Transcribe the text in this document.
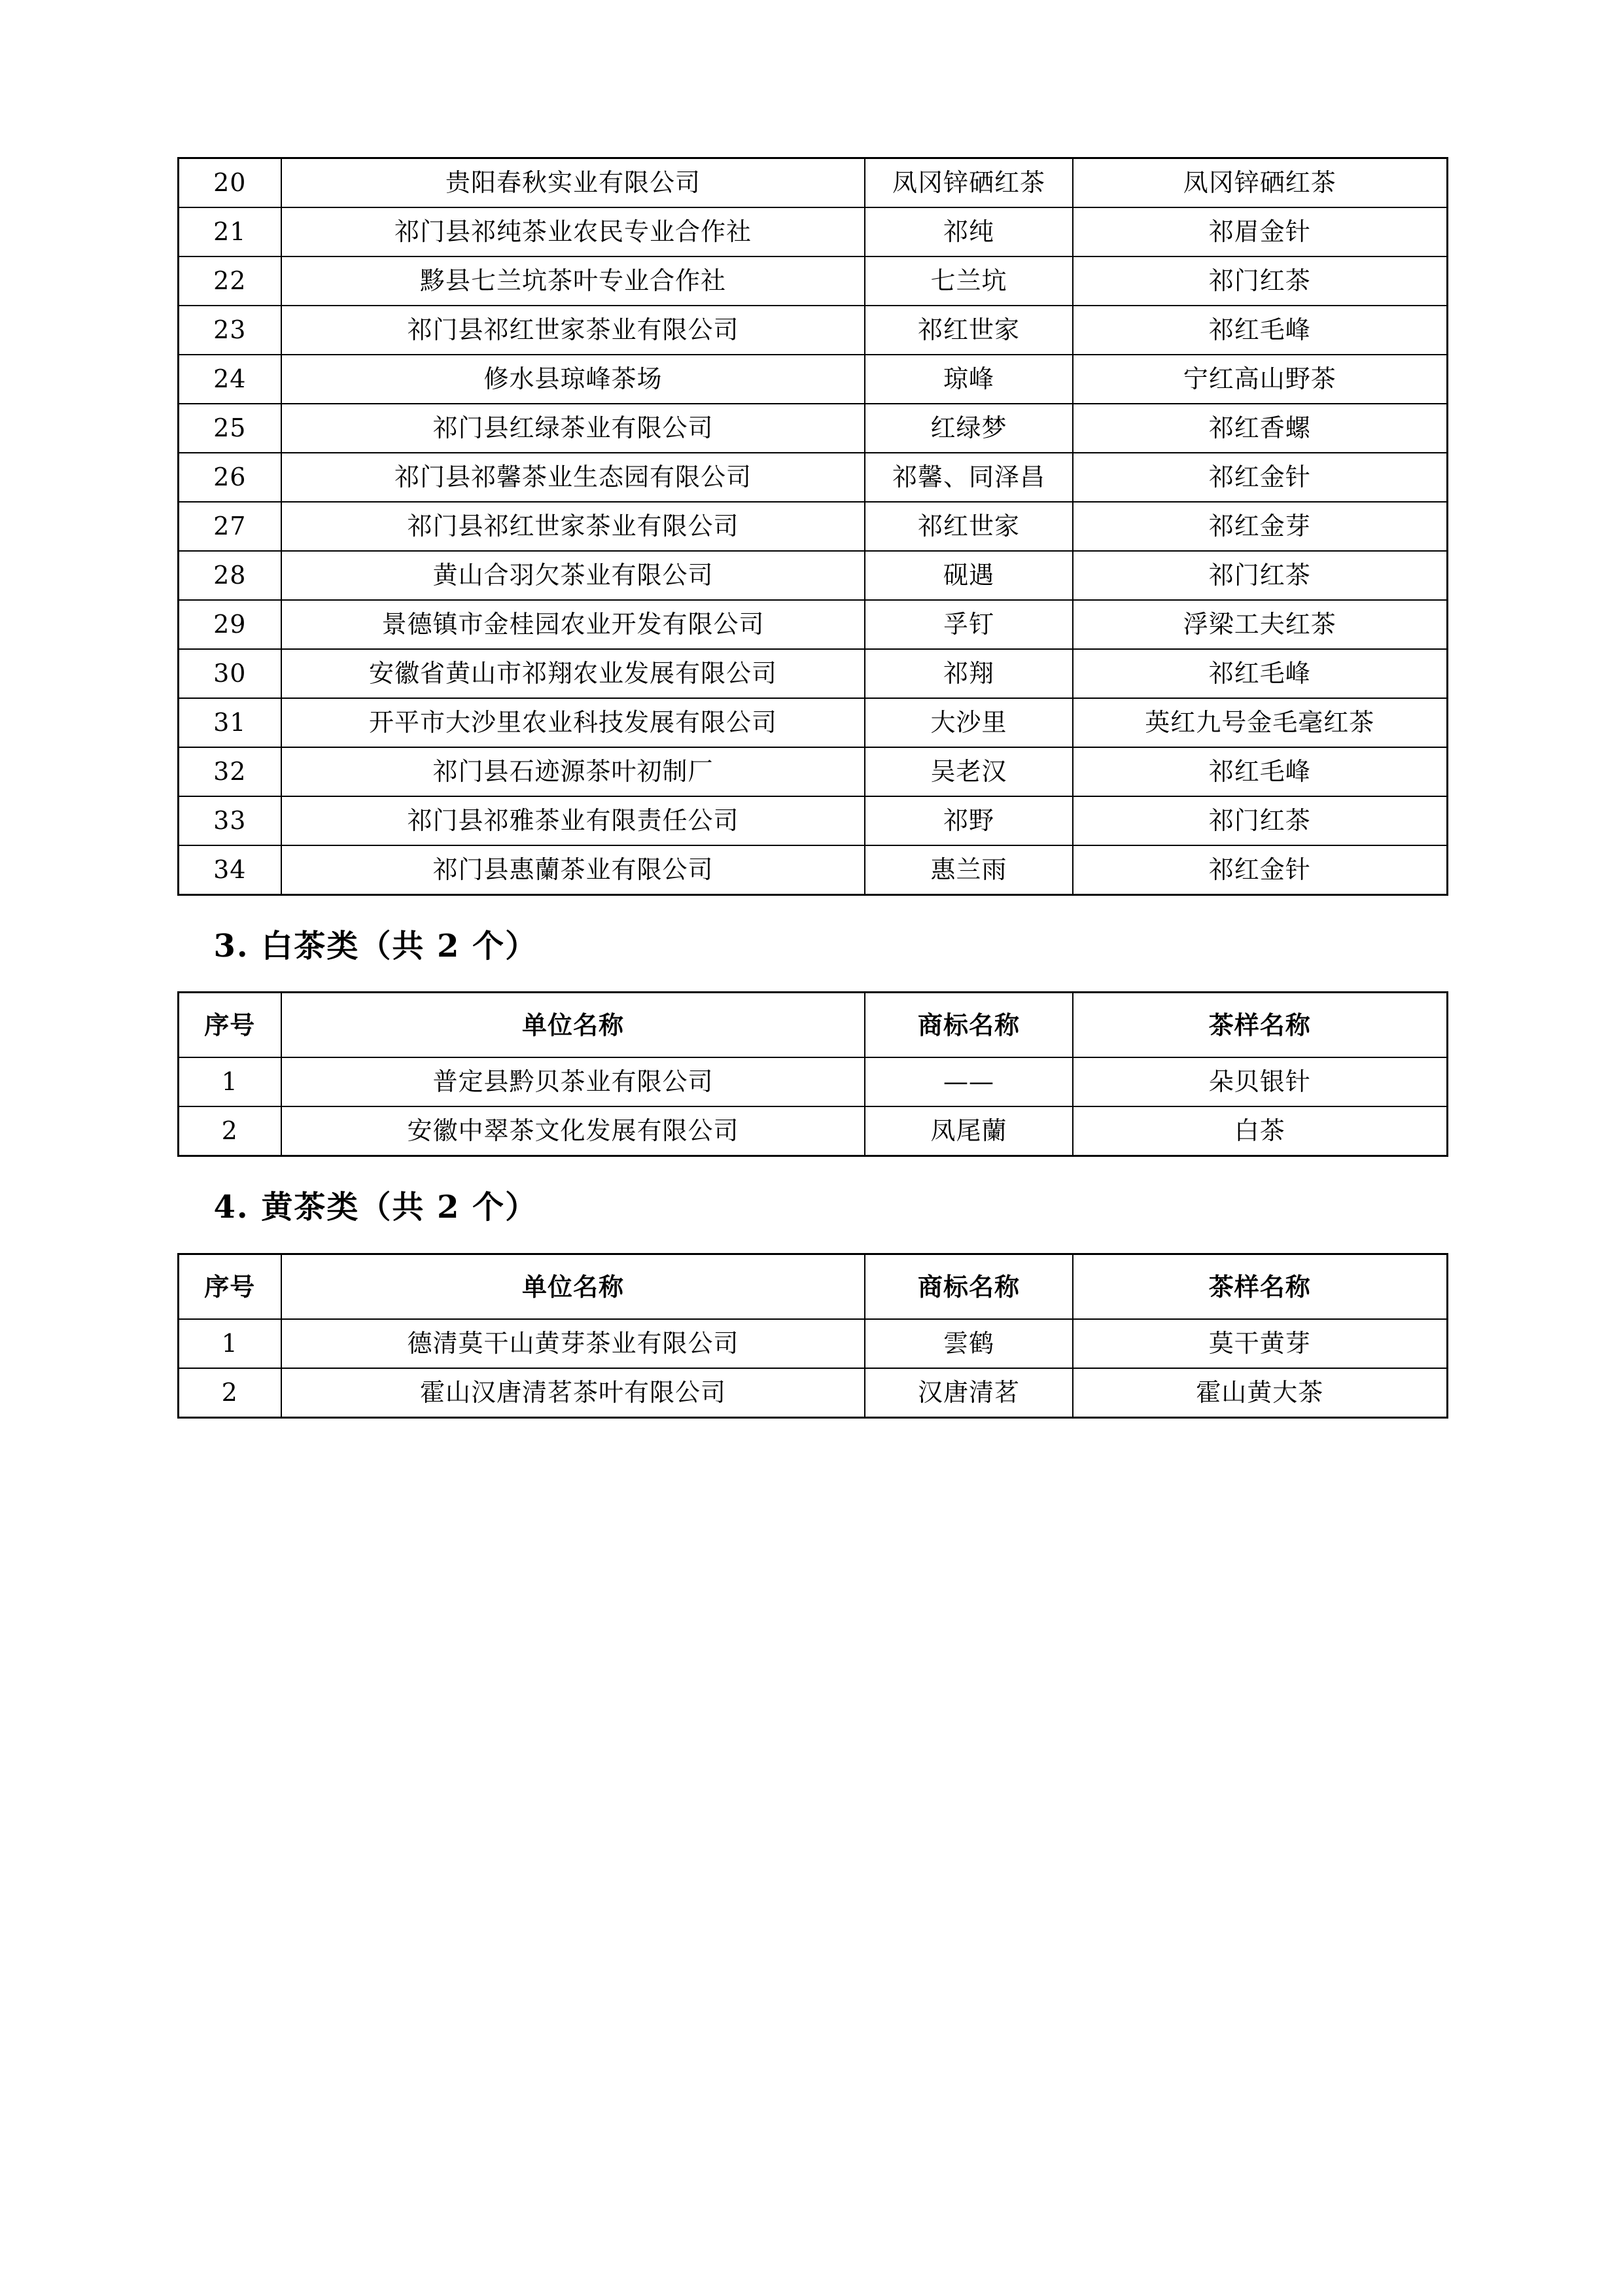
20	贵阳春秋实业有限公司	凤冈锌硒红茶	凤冈锌硒红茶
21	祁门县祁纯茶业农民专业合作社	祁纯	祁眉金针
22	黟县七兰坑茶叶专业合作社	七兰坑	祁门红茶
23	祁门县祁红世家茶业有限公司	祁红世家	祁红毛峰
24	修水县琼峰茶场	琼峰	宁红高山野茶
25	祁门县红绿茶业有限公司	红绿梦	祁红香螺
26	祁门县祁馨茶业生态园有限公司	祁馨、同泽昌	祁红金针
27	祁门县祁红世家茶业有限公司	祁红世家	祁红金芽
28	黄山合羽欠茶业有限公司	砚遇	祁门红茶
29	景德镇市金桂园农业开发有限公司	孚钉	浮梁工夫红茶
30	安徽省黄山市祁翔农业发展有限公司	祁翔	祁红毛峰
31	开平市大沙里农业科技发展有限公司	大沙里	英红九号金毛毫红茶
32	祁门县石迹源茶叶初制厂	吴老汉	祁红毛峰
33	祁门县祁雅茶业有限责任公司	祁野	祁门红茶
34	祁门县惠蘭茶业有限公司	惠兰雨	祁红金针
3. 白茶类（共 2 个）
序号	单位名称	商标名称	茶样名称
1	普定县黔贝茶业有限公司	——	朵贝银针
2	安徽中翠茶文化发展有限公司	凤尾蘭	白茶
4. 黄茶类（共 2 个）
序号	单位名称	商标名称	茶样名称
1	德清莫干山黄芽茶业有限公司	雲鹤	莫干黄芽
2	霍山汉唐清茗茶叶有限公司	汉唐清茗	霍山黄大茶
